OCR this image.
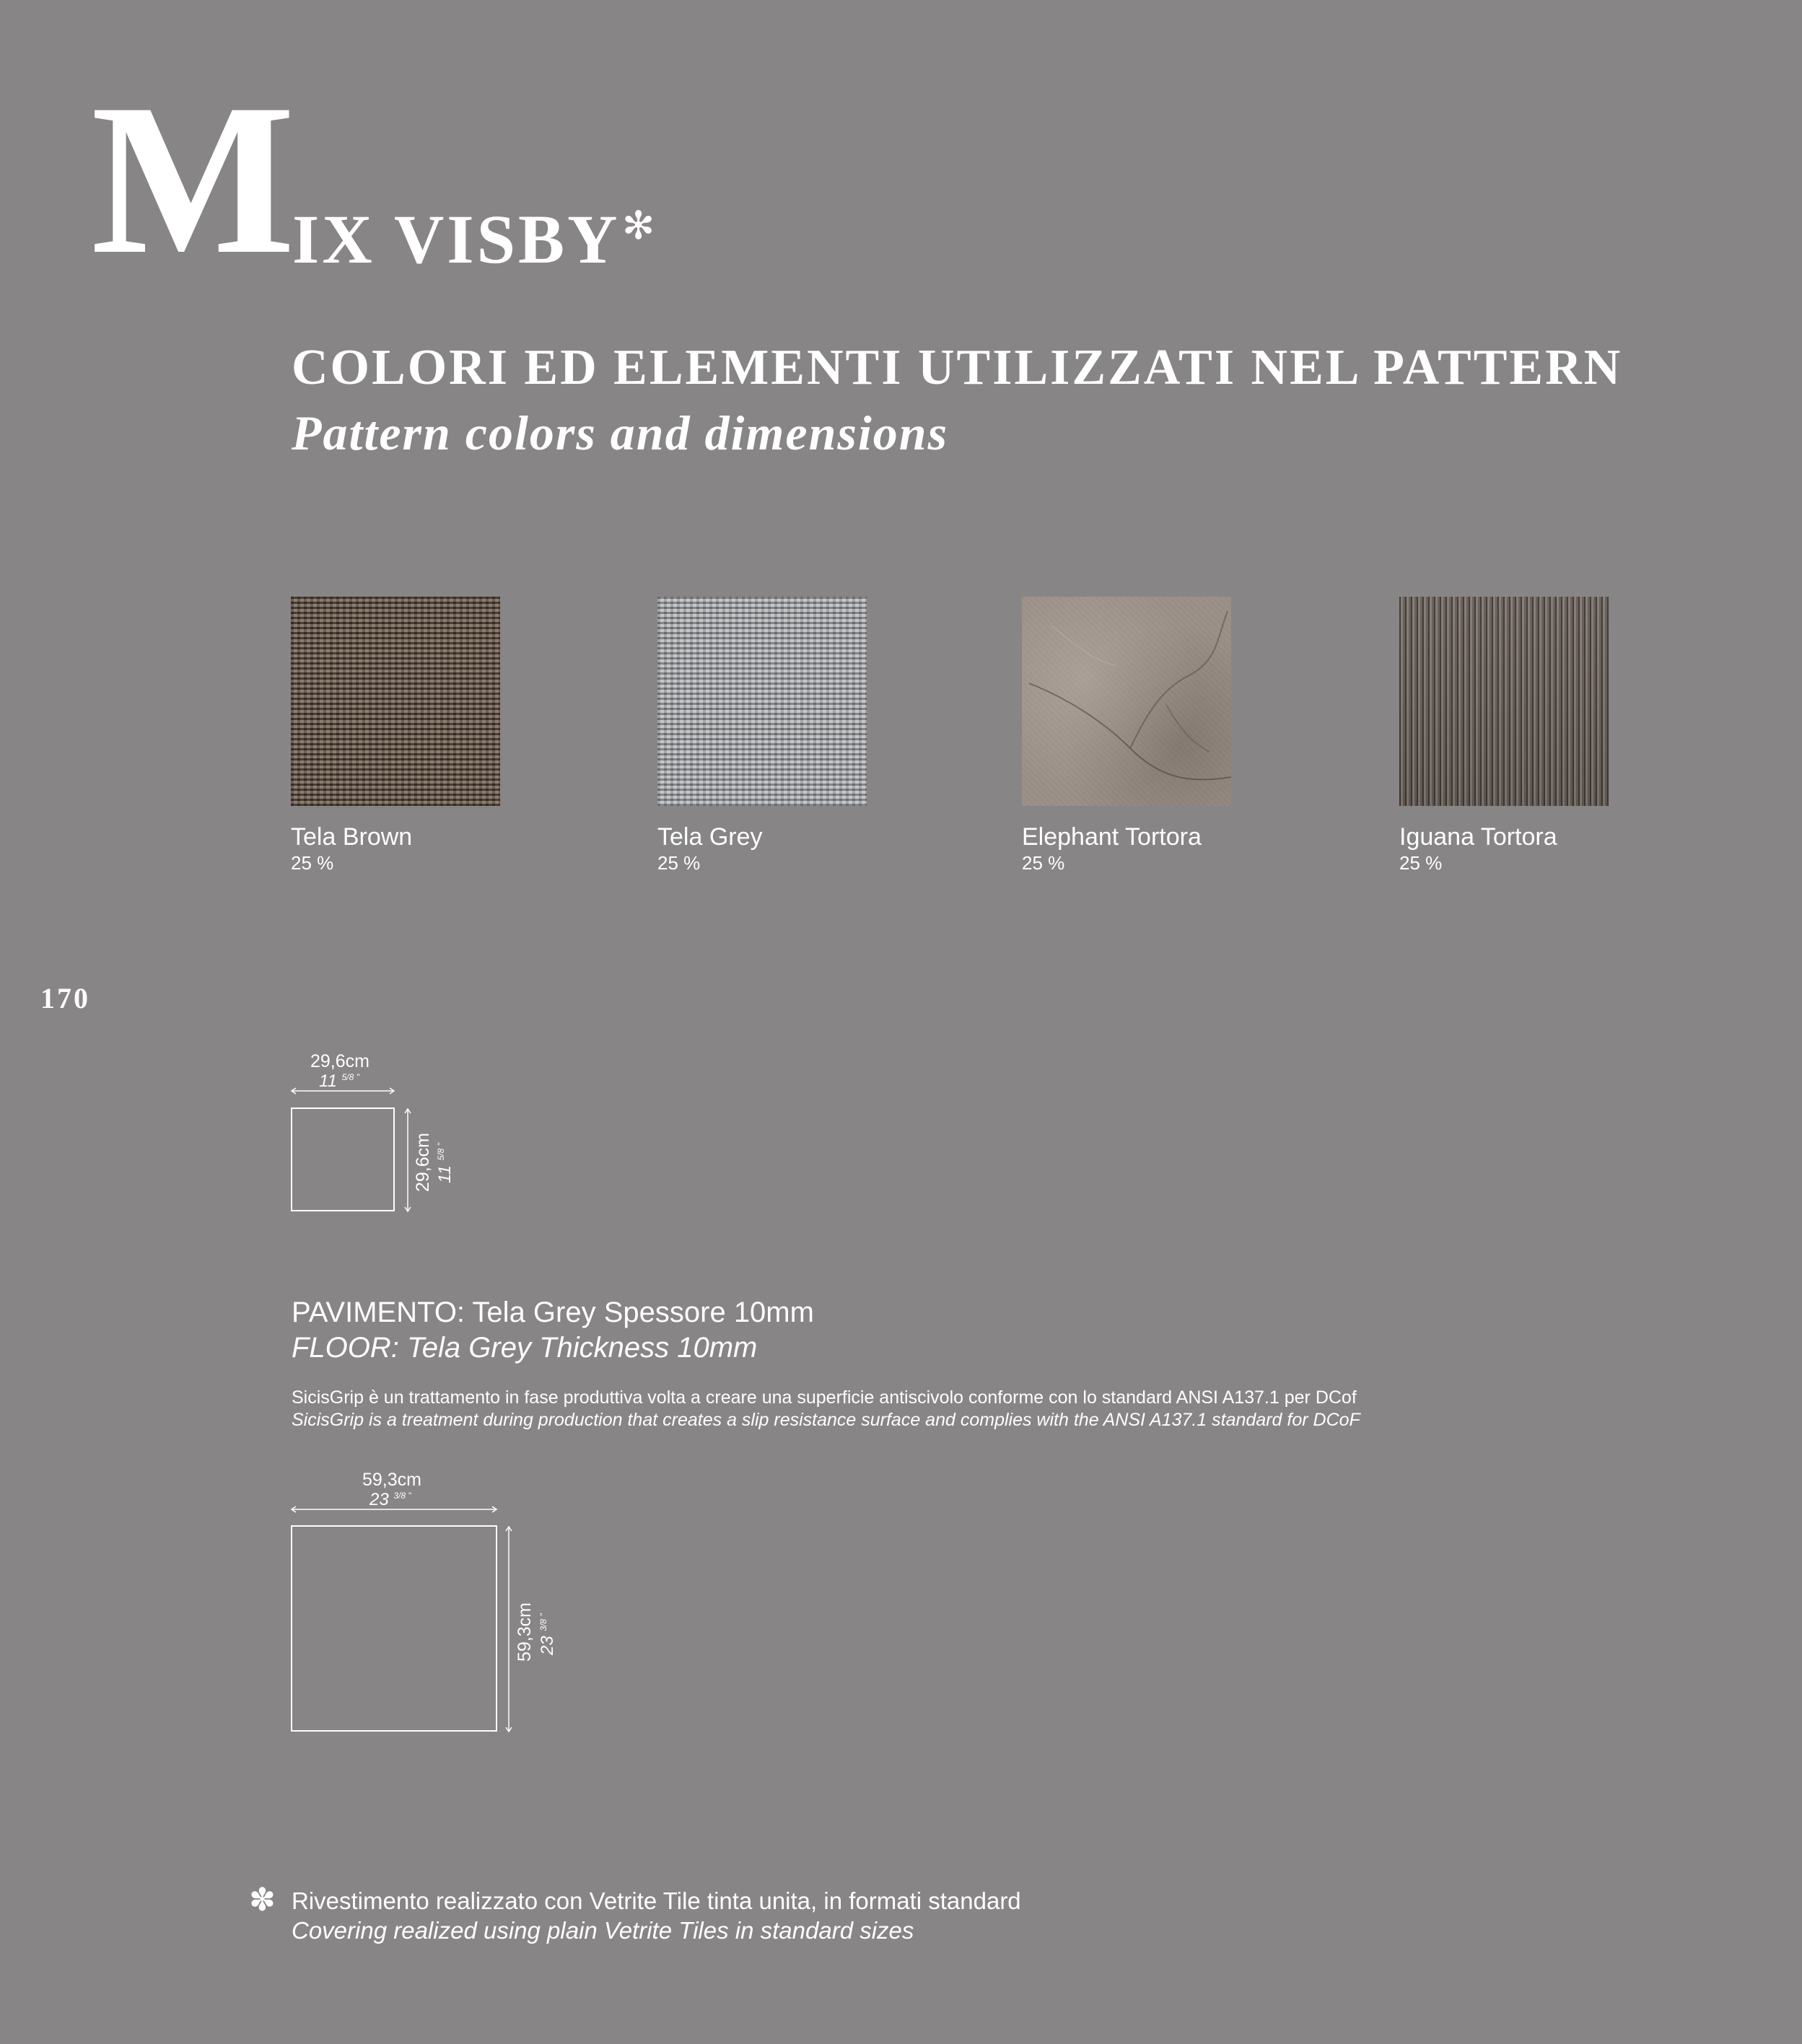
M
IX VISBY ✻
COLORI ED ELEMENTI UTILIZZATI NEL PATTERN
Pattern colors and dimensions
Tela Brown
25 %
Tela Grey
25 %
Elephant Tortora
25 %
Iguana Tortora
25 %
170
29,6cm
11 $^{5/8 "}$
29,6cm 11 $^{5/8 "}$
PAVIMENTO: Tela Grey Spessore 10mm
FLOOR: Tela Grey Thickness 10mm
SicisGrip è un trattamento in fase produttiva volta a creare una superficie antiscivolo conforme con lo standard ANSI A137.1 per DCof
SicisGrip is a treatment during production that creates a slip resistance surface and complies with the ANSI A137.1 standard for DCoF
59,3cm
23 $^{3/8 "}$
59,3cm 23 $^{3/8 "}$
✽ Rivestimento realizzato con Vetrite Tile tinta unita, in formati standard
Covering realized using plain Vetrite Tiles in standard sizes
